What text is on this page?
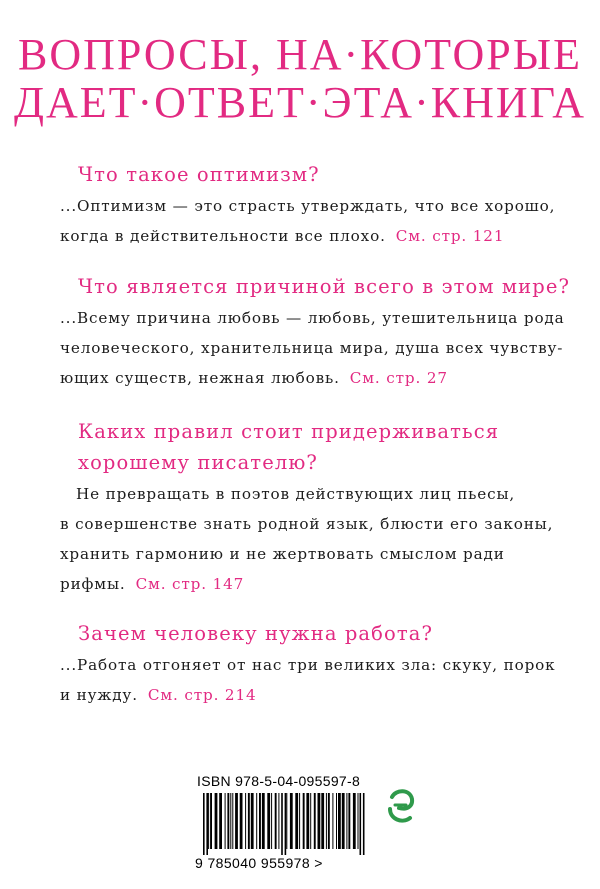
ВОПРОСЫ, НА·КОТОРЫЕ
ДАЕТ·ОТВЕТ·ЭТА·КНИГА
Что такое оптимизм?
...Оптимизм — это страсть утверждать, что все хорошо,
когда в действительности все плохо. См. стр. 121
Что является причиной всего в этом мире?
...Всему причина любовь — любовь, утешительница рода
человеческого, хранительница мира, душа всех чувству-
ющих существ, нежная любовь. См. стр. 27
Каких правил стоит придерживаться
хорошему писателю?
Не превращать в поэтов действующих лиц пьесы,
в совершенстве знать родной язык, блюсти его законы,
хранить гармонию и не жертвовать смыслом ради
рифмы. См. стр. 147
Зачем человеку нужна работа?
...Работа отгоняет от нас три великих зла: скуку, порок
и нужду. См. стр. 214
ISBN 978-5-04-095597-8
9 785040 955978 >
